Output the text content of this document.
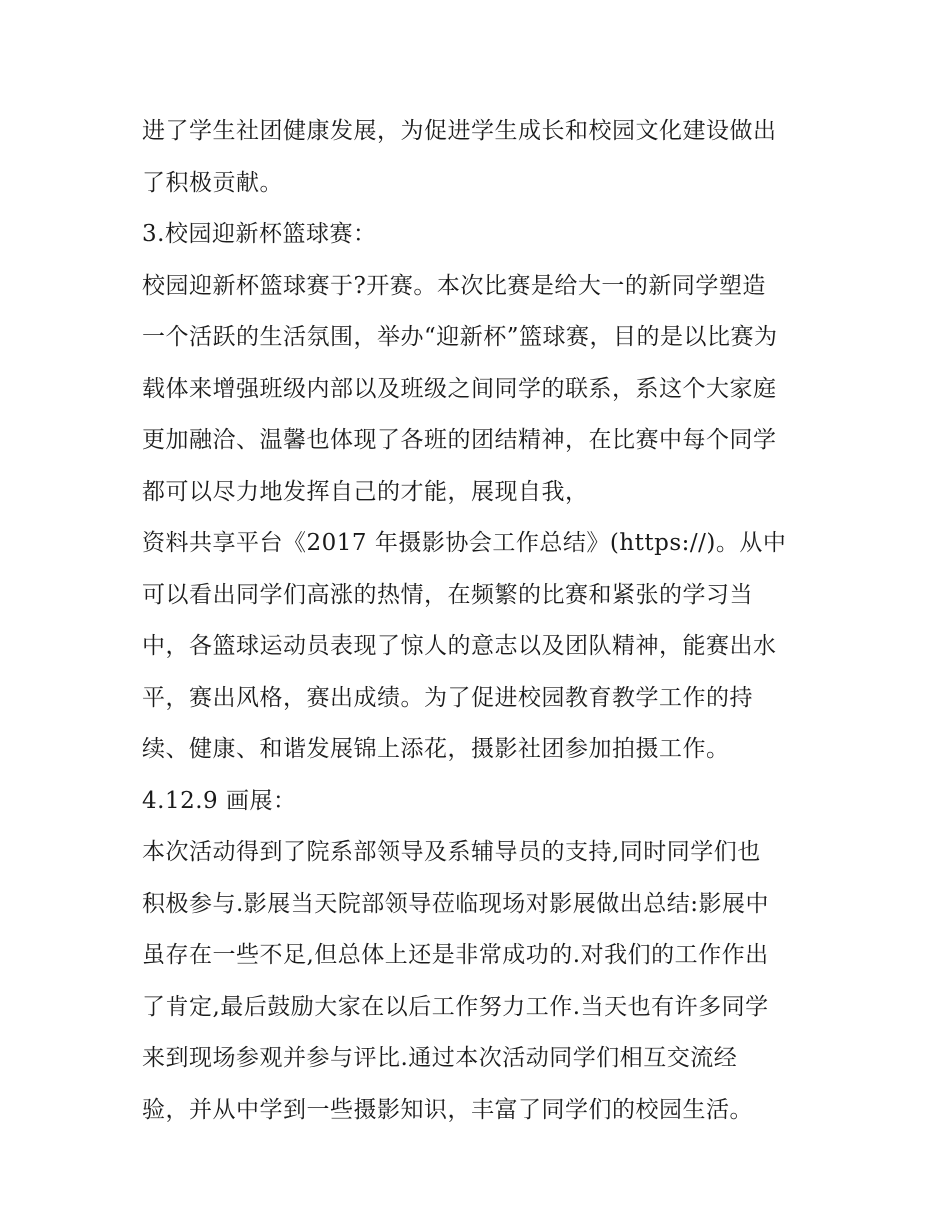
进了学生社团健康发展，为促进学生成长和校园文化建设做出
了积极贡献。
3.校园迎新杯篮球赛：
校园迎新杯篮球赛于?开赛。本次比赛是给大一的新同学塑造
一个活跃的生活氛围，举办“迎新杯”篮球赛，目的是以比赛为
载体来增强班级内部以及班级之间同学的联系，系这个大家庭
更加融洽、温馨也体现了各班的团结精神，在比赛中每个同学
都可以尽力地发挥自己的才能，展现自我，
资料共享平台《2017 年摄影协会工作总结》(https://)。从中
可以看出同学们高涨的热情，在频繁的比赛和紧张的学习当
中，各篮球运动员表现了惊人的意志以及团队精神，能赛出水
平，赛出风格，赛出成绩。为了促进校园教育教学工作的持
续、健康、和谐发展锦上添花，摄影社团参加拍摄工作。
4.12.9 画展：
本次活动得到了院系部领导及系辅导员的支持,同时同学们也
积极参与.影展当天院部领导莅临现场对影展做出总结:影展中
虽存在一些不足,但总体上还是非常成功的.对我们的工作作出
了肯定,最后鼓励大家在以后工作努力工作.当天也有许多同学
来到现场参观并参与评比.通过本次活动同学们相互交流经
验，并从中学到一些摄影知识，丰富了同学们的校园生活。
